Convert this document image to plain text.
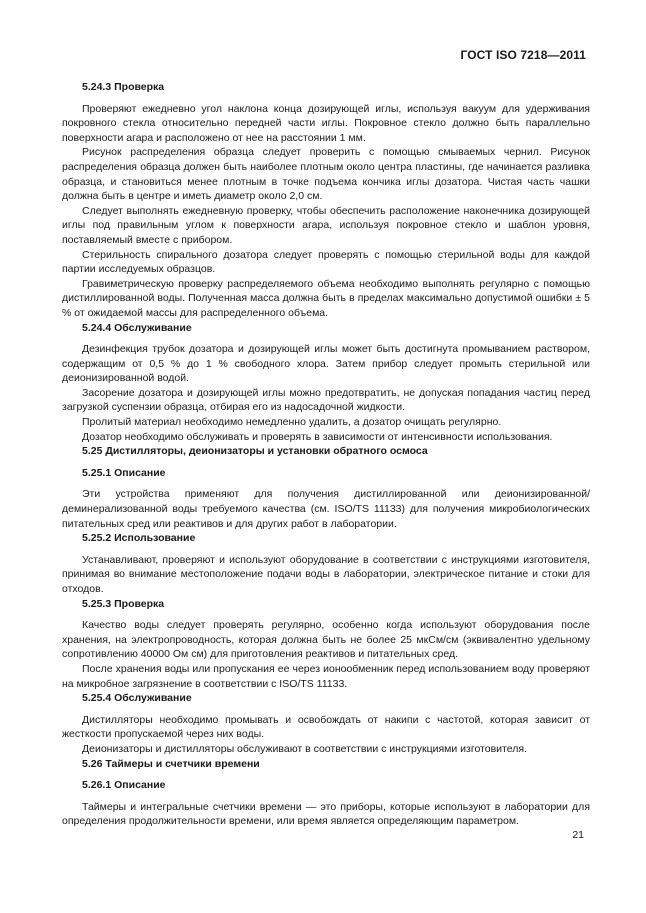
ГОСТ ISO 7218—2011
5.24.3 Проверка

Проверяют ежедневно угол наклона конца дозирующей иглы, используя вакуум для удерживания покровного стекла относительно передней части иглы. Покровное стекло должно быть параллельно поверхности агара и расположено от нее на расстоянии 1 мм.

Рисунок распределения образца следует проверить с помощью смываемых чернил. Рисунок распределения образца должен быть наиболее плотным около центра пластины, где начинается разливка образца, и становиться менее плотным в точке подъема кончика иглы дозатора. Чистая часть чашки должна быть в центре и иметь диаметр около 2,0 см.

Следует выполнять ежедневную проверку, чтобы обеспечить расположение наконечника дозирующей иглы под правильным углом к поверхности агара, используя покровное стекло и шаблон уровня, поставляемый вместе с прибором.

Стерильность спирального дозатора следует проверять с помощью стерильной воды для каждой партии исследуемых образцов.

Гравиметрическую проверку распределяемого объема необходимо выполнять регулярно с помощью дистиллированной воды. Полученная масса должна быть в пределах максимально допустимой ошибки ± 5 % от ожидаемой массы для распределенного объема.

5.24.4 Обслуживание

Дезинфекция трубок дозатора и дозирующей иглы может быть достигнута промыванием раствором, содержащим от 0,5 % до 1 % свободного хлора. Затем прибор следует промыть стерильной или деионизированной водой.

Засорение дозатора и дозирующей иглы можно предотвратить, не допуская попадания частиц перед загрузкой суспензии образца, отбирая его из надосадочной жидкости.

Пролитый материал необходимо немедленно удалить, а дозатор очищать регулярно.

Дозатор необходимо обслуживать и проверять в зависимости от интенсивности использования.

5.25 Дистилляторы, деионизаторы и установки обратного осмоса
5.25.1 Описание

Эти устройства применяют для получения дистиллированной или деионизированной/деминерализованной воды требуемого качества (см. ISO/TS 11133) для получения микробиологических питательных сред или реактивов и для других работ в лаборатории.

5.25.2 Использование

Устанавливают, проверяют и используют оборудование в соответствии с инструкциями изготовителя, принимая во внимание местоположение подачи воды в лаборатории, электрическое питание и стоки для отходов.

5.25.3 Проверка

Качество воды следует проверять регулярно, особенно когда используют оборудования после хранения, на электропроводность, которая должна быть не более 25 мкСм/см (эквивалентно удельному сопротивлению 40000 Ом см) для приготовления реактивов и питательных сред.

После хранения воды или пропускания ее через ионообменник перед использованием воду проверяют на микробное загрязнение в соответствии с ISO/TS 11133.

5.25.4 Обслуживание

Дистилляторы необходимо промывать и освобождать от накипи с частотой, которая зависит от жесткости пропускаемой через них воды.

Деионизаторы и дистилляторы обслуживают в соответствии с инструкциями изготовителя.

5.26 Таймеры и счетчики времени
5.26.1 Описание

Таймеры и интегральные счетчики времени — это приборы, которые используют в лаборатории для определения продолжительности времени, или время является определяющим параметром.

21
